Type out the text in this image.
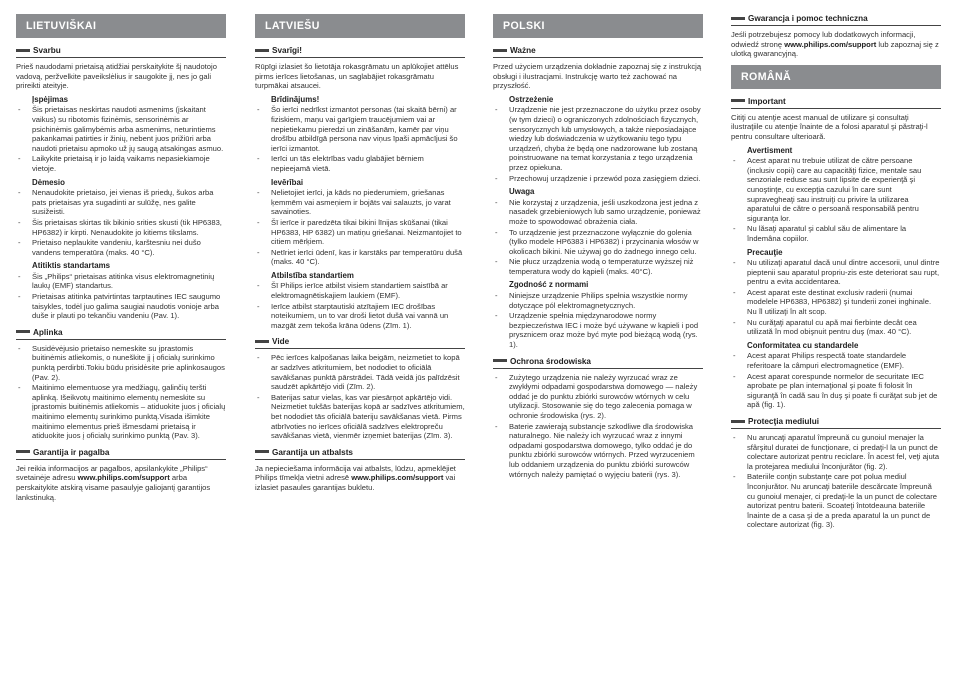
LIETUVIŠKAI
Svarbu

Prieš naudodami prietaisą atidžiai perskaitykite šį naudotojo vadovą, peržvelkite paveikslėlius ir saugokite jį, nes jo gali prireikti ateityje.

Įspėjimas
- Šis prietaisas neskirtas naudoti asmenims (įskaitant vaikus) su ribotomis fizinėmis, sensorinėmis ar psichinėmis galimybėmis arba asmenims, neturintiems pakankamai patirties ir žinių, nebent juos prižiūri arba naudoti prietaisu apmoko už jų saugą atsakingas asmuo.
- Laikykite prietaisą ir jo laidą vaikams nepasiekiamoje vietoje.
Dėmesio
- Nenaudokite prietaiso, jei vienas iš priedų, šukos arba pats prietaisas yra sugadinti ar sulūžę, nes galite susižeisti.
- Šis prietaisas skirtas tik bikinio srities skusti (tik HP6383, HP6382) ir kirpti. Nenaudokite jo kitiems tikslams.
- Prietaiso neplaukite vandeniu, karštesniu nei dušo vandens temperatūra (maks. 40 °C).
Atitiktis standartams
- Šis „Philips“ prietaisas atitinka visus elektromagnetinių laukų (EMF) standartus.
- Prietaisas atitinka patvirtintas tarptautines IEC saugumo taisykles, todėl juo galima saugiai naudotis vonioje arba duše ir plauti po tekančiu vandeniu (Pav. 1).
Aplinka
- Susidėvėjusio prietaiso nemeskite su įprastomis buitinėmis atliekomis, o nuneškite jį į oficialų surinkimo punktą perdirbti.Tokiu būdu prisidėsite prie aplinkosaugos (Pav. 2).
- Maitinimo elementuose yra medžiagų, galinčių teršti aplinką. Išeikvotų maitinimo elementų nemeskite su įprastomis buitinėmis atliekomis – atiduokite juos į oficialų maitinimo elementų surinkimo punktą.Visada išimkite maitinimo elementus prieš išmesdami prietaisą ir atiduokite juos į oficialų surinkimo punktą (Pav. 3).
Garantija ir pagalba

Jei reikia informacijos ar pagalbos, apsilankykite „Philips“ svetainėje adresu www.philips.com/support arba perskaitykite atskirą visame pasaulyje galiojantį garantijos lankstinuką.

LATVIEŠU
Svarīgi!

Rūpīgi izlasiet šo lietotāja rokasgrāmatu un aplūkojiet attēlus pirms ierīces lietošanas, un saglabājiet rokasgrāmatu turpmākai atsaucei.

Brīdinājums!
- Šo ierīci nedrīkst izmantot personas (tai skaitā bērni) ar fiziskiem, maņu vai garīgiem traucējumiem vai ar nepietiekamu pieredzi un zināšanām, kamēr par viņu drošību atbildīgā persona nav viņus īpaši apmācījusi šo ierīci izmantot.
- Ierīci un tās elektrības vadu glabājiet bērniem nepieejamā vietā.
Ievērībai
- Nelietojiet ierīci, ja kāds no piederumiem, griešanas ķemmēm vai asmeņiem ir bojāts vai salauzts, jo varat savainoties.
- Šī ierīce ir paredzēta tikai bikini līnijas skūšanai (tikai HP6383, HP 6382) un matiņu griešanai. Neizmantojiet to citiem mērķiem.
- Netīriet ierīci ūdenī, kas ir karstāks par temperatūru dušā (maks. 40 °C).
Atbilstība standartiem
- Šī Philips ierīce atbilst visiem standartiem saistībā ar elektromagnētiskajiem laukiem (EMF).
- Ierīce atbilst starptautiski atzītajiem IEC drošības noteikumiem, un to var droši lietot dušā vai vannā un mazgāt zem tekoša krāna ūdens (Zīm. 1).
Vide
- Pēc ierīces kalpošanas laika beigām, neizmetiet to kopā ar sadzīves atkritumiem, bet nododiet to oficiālā savākšanas punktā pārstrādei. Tādā veidā jūs palīdzēsit saudzēt apkārtējo vidi (Zīm. 2).
- Baterijas satur vielas, kas var piesārņot apkārtējo vidi. Neizmetiet tukšās baterijas kopā ar sadzīves atkritumiem, bet nododiet tās oficiālā bateriju savākšanas vietā. Pirms atbrīvoties no ierīces oficiālā sadzīves elektropreču savākšanas vietā, vienmēr izņemiet baterijas (Zīm. 3).
Garantija un atbalsts

Ja nepieciešama informācija vai atbalsts, lūdzu, apmeklējiet Philips tīmekļa vietni adresē www.philips.com/support vai izlasiet pasaules garantijas bukletu.

POLSKI
Ważne

Przed użyciem urządzenia dokładnie zapoznaj się z instrukcją obsługi i ilustracjami. Instrukcję warto też zachować na przyszłość.

Ostrzeżenie
- Urządzenie nie jest przeznaczone do użytku przez osoby (w tym dzieci) o ograniczonych zdolnościach fizycznych, sensorycznych lub umysłowych, a także nieposiadające wiedzy lub doświadczenia w użytkowaniu tego typu urządzeń, chyba że będą one nadzorowane lub zostaną poinstruowane na temat korzystania z tego urządzenia przez opiekuna.
- Przechowuj urządzenie i przewód poza zasięgiem dzieci.
Uwaga
- Nie korzystaj z urządzenia, jeśli uszkodzona jest jedna z nasadek grzebieniowych lub samo urządzenie, ponieważ może to spowodować obrażenia ciała.
- To urządzenie jest przeznaczone wyłącznie do golenia (tylko modele HP6383 i HP6382) i przycinania włosów w okolicach bikini. Nie używaj go do żadnego innego celu.
- Nie płucz urządzenia wodą o temperaturze wyższej niż temperatura wody do kąpieli (maks. 40°C).
Zgodność z normami
- Niniejsze urządzenie Philips spełnia wszystkie normy dotyczące pól elektromagnetycznych.
- Urządzenie spełnia międzynarodowe normy bezpieczeństwa IEC i może być używane w kąpieli i pod prysznicem oraz może być myte pod bieżącą wodą (rys. 1).
Ochrona środowiska
- Zużytego urządzenia nie należy wyrzucać wraz ze zwykłymi odpadami gospodarstwa domowego — należy oddać je do punktu zbiórki surowców wtórnych w celu utylizacji. Stosowanie się do tego zalecenia pomaga w ochronie środowiska (rys. 2).
- Baterie zawierają substancje szkodliwe dla środowiska naturalnego. Nie należy ich wyrzucać wraz z innymi odpadami gospodarstwa domowego, tylko oddać je do punktu zbiórki surowców wtórnych. Przed wyrzuceniem lub oddaniem urządzenia do punktu zbiórki surowców wtórnych należy pamiętać o wyjęciu baterii (rys. 3).
Gwarancja i pomoc techniczna

Jeśli potrzebujesz pomocy lub dodatkowych informacji, odwiedź stronę www.philips.com/support lub zapoznaj się z ulotką gwarancyjną.

ROMÂNĂ
Important

Citiţi cu atenţie acest manual de utilizare şi consultaţi ilustraţiile cu atenţie înainte de a folosi aparatul şi păstraţi-l pentru consultare ulterioară.

Avertisment
- Acest aparat nu trebuie utilizat de către persoane (inclusiv copii) care au capacităţi fizice, mentale sau senzoriale reduse sau sunt lipsite de experienţă şi cunoştinţe, cu excepţia cazului în care sunt supravegheaţi sau instruiţi cu privire la utilizarea aparatului de către o persoană responsabilă pentru siguranţa lor.
- Nu lăsaţi aparatul şi cablul său de alimentare la îndemâna copiilor.
Precauţie
- Nu utilizaţi aparatul dacă unul dintre accesorii, unul dintre pieptenii sau aparatul propriu-zis este deteriorat sau rupt, pentru a evita accidentarea.
- Acest aparat este destinat exclusiv raderii (numai modelele HP6383, HP6382) şi tunderii zonei inghinale. Nu îl utilizaţi în alt scop.
- Nu curăţaţi aparatul cu apă mai fierbinte decât cea utilizată în mod obişnuit pentru duş (max. 40 °C).
Conformitatea cu standardele
- Acest aparat Philips respectă toate standardele referitoare la câmpuri electromagnetice (EMF).
- Acest aparat corespunde normelor de securitate IEC aprobate pe plan internaţional şi poate fi folosit în siguranţă în cadă sau în duş şi poate fi curăţat sub jet de apă (fig. 1).
Protecţia mediului
- Nu aruncaţi aparatul împreună cu gunoiul menajer la sfârşitul duratei de funcţionare, ci predaţi-l la un punct de colectare autorizat pentru reciclare. În acest fel, veţi ajuta la protejarea mediului înconjurător (fig. 2).
- Bateriile conţin substanţe care pot polua mediul înconjurător. Nu aruncaţi bateriile descărcate împreună cu gunoiul menajer, ci predaţi-le la un punct de colectare autorizat pentru baterii. Scoateţi întotdeauna bateriile înainte de a casa şi de a preda aparatul la un punct de colectare autorizat (fig. 3).
